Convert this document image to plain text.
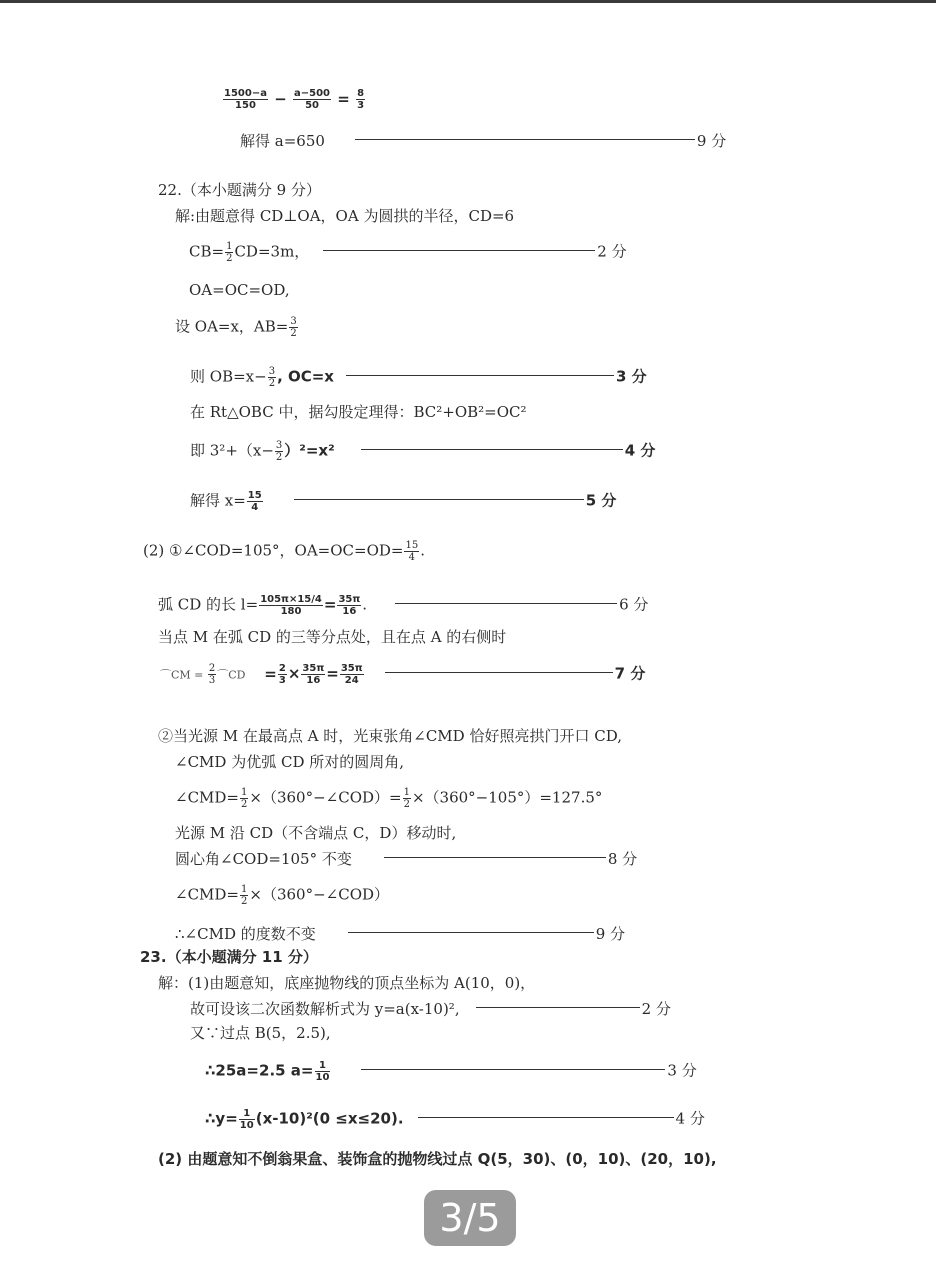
$\frac{1500-a}{150} - \frac{a-500}{50} = \frac{8}{3}$
解得 a=650	9 分
22.（本小题满分 9 分）
解:由题意得 CD⊥OA，OA 为圆拱的半径，CD=6
$CB= \frac{1}{2} CD=3m$，	2 分
OA=OC=OD,
设 OA=x，$AB= \frac{3}{2}$
则 $OB=x- \frac{3}{2}$ , OC=x	3 分
在 Rt△OBC 中，据勾股定理得：BC²+OB²=OC²
即 $3^2+(x- \frac{3}{2} )^2=x^2$	4 分
解得 $x= \frac{15}{4}$	5 分
(2) ①∠COD=105°，$OA=OC=OD= \frac{15}{4}$ .
弧 CD 的长 $l= \frac{105\pi\times 15/4}{180} = \frac{35\pi}{16}$ .	6 分
当点 M 在弧 CD 的三等分点处，且在点 A 的右侧时
⌒CM = $\frac{2}{3}$ ⌒CD = $\frac{2}{3} \times \frac{35\pi}{16} = \frac{35\pi}{24}$	7 分
②当光源 M 在最高点 A 时，光束张角∠CMD 恰好照亮拱门开口 CD,
∠CMD 为优弧 CD 所对的圆周角,
∠CMD= $\frac{1}{2}$ ×（360°−∠COD）= $\frac{1}{2} \times(360^\circ-105^\circ)=127.5^\circ$
光源 M 沿 CD（不含端点 C，D）移动时,
圆心角∠COD=105° 不变	8 分
∠CMD= $\frac{1}{2}$ ×（360°−∠COD）
∴∠CMD 的度数不变	9 分
23.（本小题满分 11 分）
解：(1)由题意知，底座抛物线的顶点坐标为 A(10，0)，
故可设该二次函数解析式为 y=a(x-10)²,	2 分
又∵过点 B(5，2.5),
∴25a=2.5 $a= \frac{1}{10}$	3 分
∴y= $\frac{1}{10} (x-10)^2(0 \le x\le 20)$.	4 分
(2) 由题意知不倒翁果盒、装饰盒的抛物线过点 Q(5，30)、(0，10)、(20，10),
3/5
